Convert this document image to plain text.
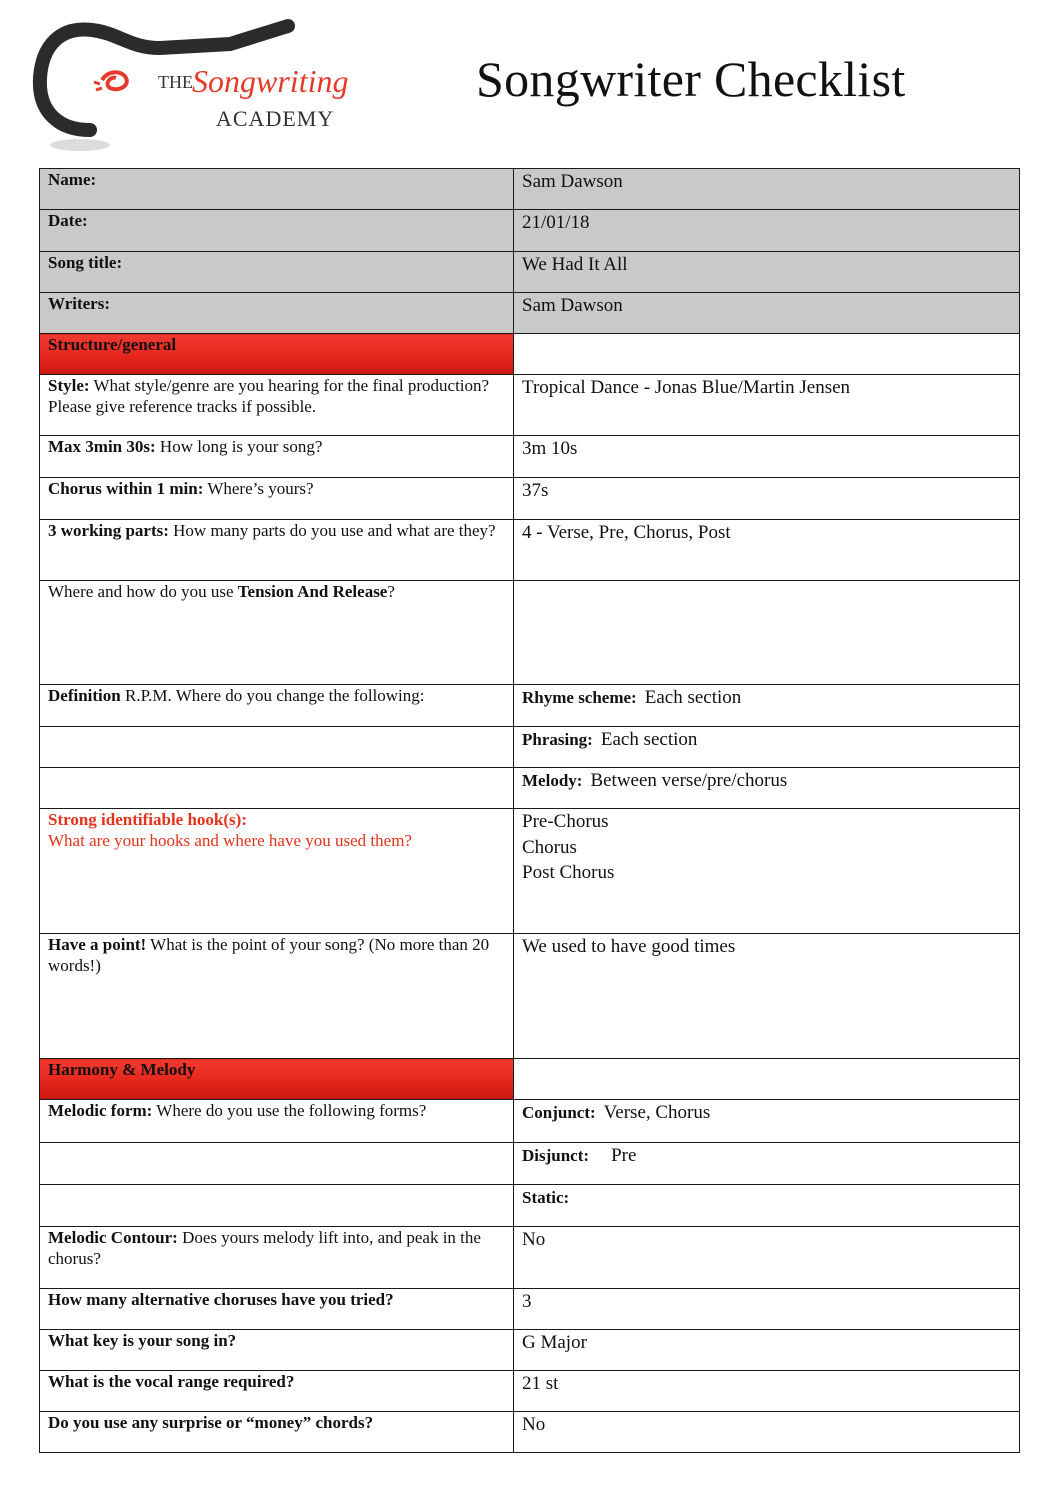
THE Songwriting
ACADEMY
Songwriter Checklist
Name:	Sam Dawson
Date:	21/01/18
Song title:	We Had It All
Writers:	Sam Dawson
Structure/general	
Style: What style/genre are you hearing for the final production? Please give reference tracks if possible.	Tropical Dance - Jonas Blue/Martin Jensen
Max 3min 30s: How long is your song?	3m 10s
Chorus within 1 min: Where’s yours?	37s
3 working parts: How many parts do you use and what are they?	4 - Verse, Pre, Chorus, Post
Where and how do you use Tension And Release?	
Definition R.P.M. Where do you change the following:	Rhyme scheme: Each section
	Phrasing: Each section
	Melody: Between verse/pre/chorus
Strong identifiable hook(s):
What are your hooks and where have you used them?	Pre-Chorus
Chorus
Post Chorus

Have a point! What is the point of your song? (No more than 20 words!)	We used to have good times
Harmony & Melody	
Melodic form: Where do you use the following forms?	Conjunct: Verse, Chorus
	Disjunct: Pre
	Static:
Melodic Contour: Does yours melody lift into, and peak in the chorus?	No
How many alternative choruses have you tried?	3
What key is your song in?	G Major
What is the vocal range required?	21 st
Do you use any surprise or “money” chords?	No
